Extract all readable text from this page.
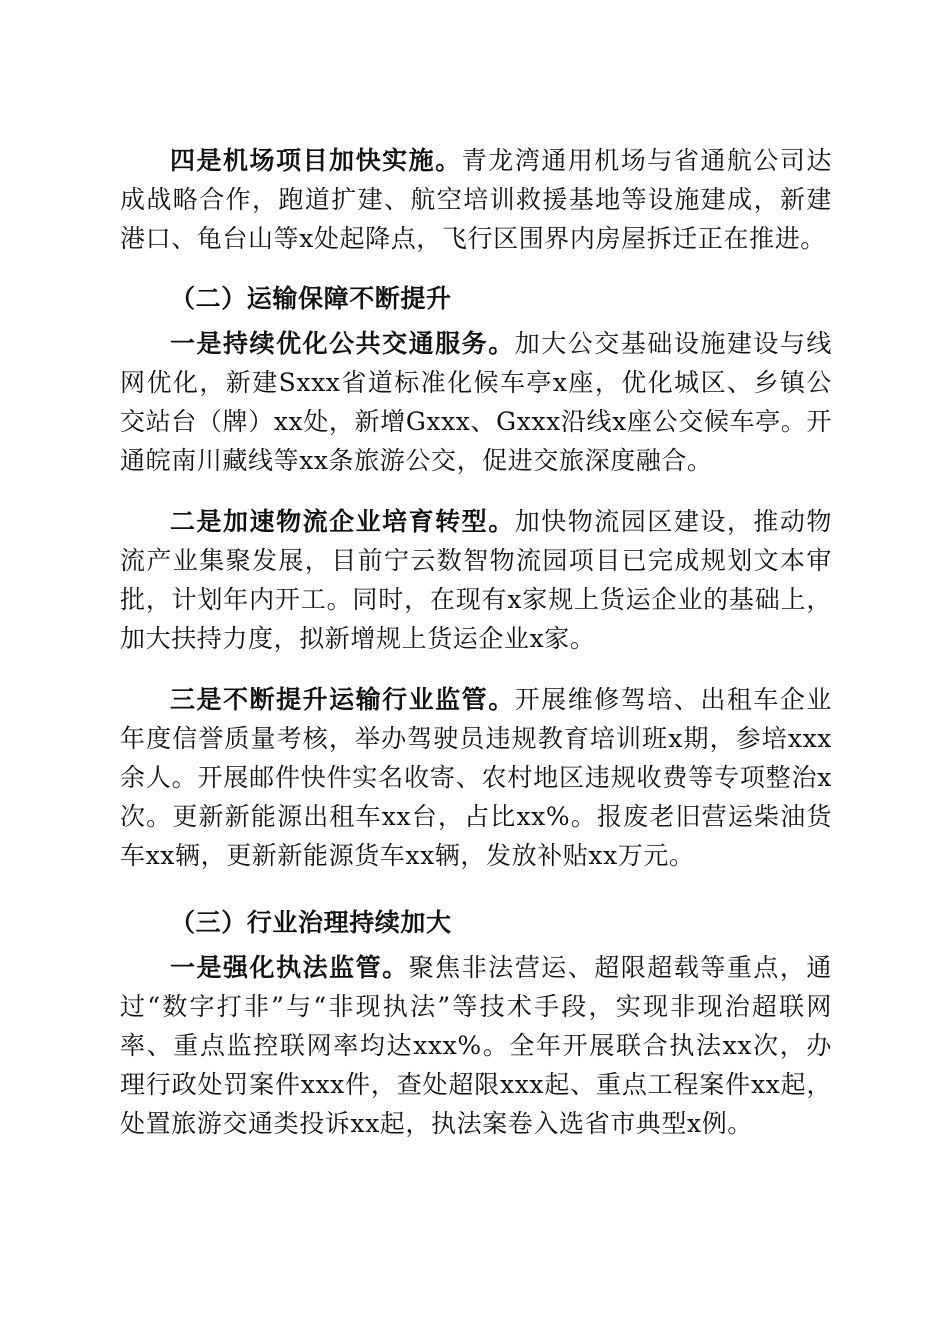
四是机场项目加快实施。青龙湾通用机场与省通航公司达成战略合作，跑道扩建、航空培训救援基地等设施建成，新建港口、龟台山等x处起降点，飞行区围界内房屋拆迁正在推进。

（二）运输保障不断提升

一是持续优化公共交通服务。加大公交基础设施建设与线网优化，新建Sxxx省道标准化候车亭x座，优化城区、乡镇公交站台（牌）xx处，新增Gxxx、Gxxx沿线x座公交候车亭。开通皖南川藏线等xx条旅游公交，促进交旅深度融合。

二是加速物流企业培育转型。加快物流园区建设，推动物流产业集聚发展，目前宁云数智物流园项目已完成规划文本审批，计划年内开工。同时，在现有x家规上货运企业的基础上，加大扶持力度，拟新增规上货运企业x家。

三是不断提升运输行业监管。开展维修驾培、出租车企业年度信誉质量考核，举办驾驶员违规教育培训班x期，参培xxx余人。开展邮件快件实名收寄、农村地区违规收费等专项整治x次。更新新能源出租车xx台，占比xx%。报废老旧营运柴油货车xx辆，更新新能源货车xx辆，发放补贴xx万元。

（三）行业治理持续加大

一是强化执法监管。聚焦非法营运、超限超载等重点，通过“数字打非”与“非现执法”等技术手段，实现非现治超联网率、重点监控联网率均达xxx%。全年开展联合执法xx次，办理行政处罚案件xxx件，查处超限xxx起、重点工程案件xx起，处置旅游交通类投诉xx起，执法案卷入选省市典型x例。
